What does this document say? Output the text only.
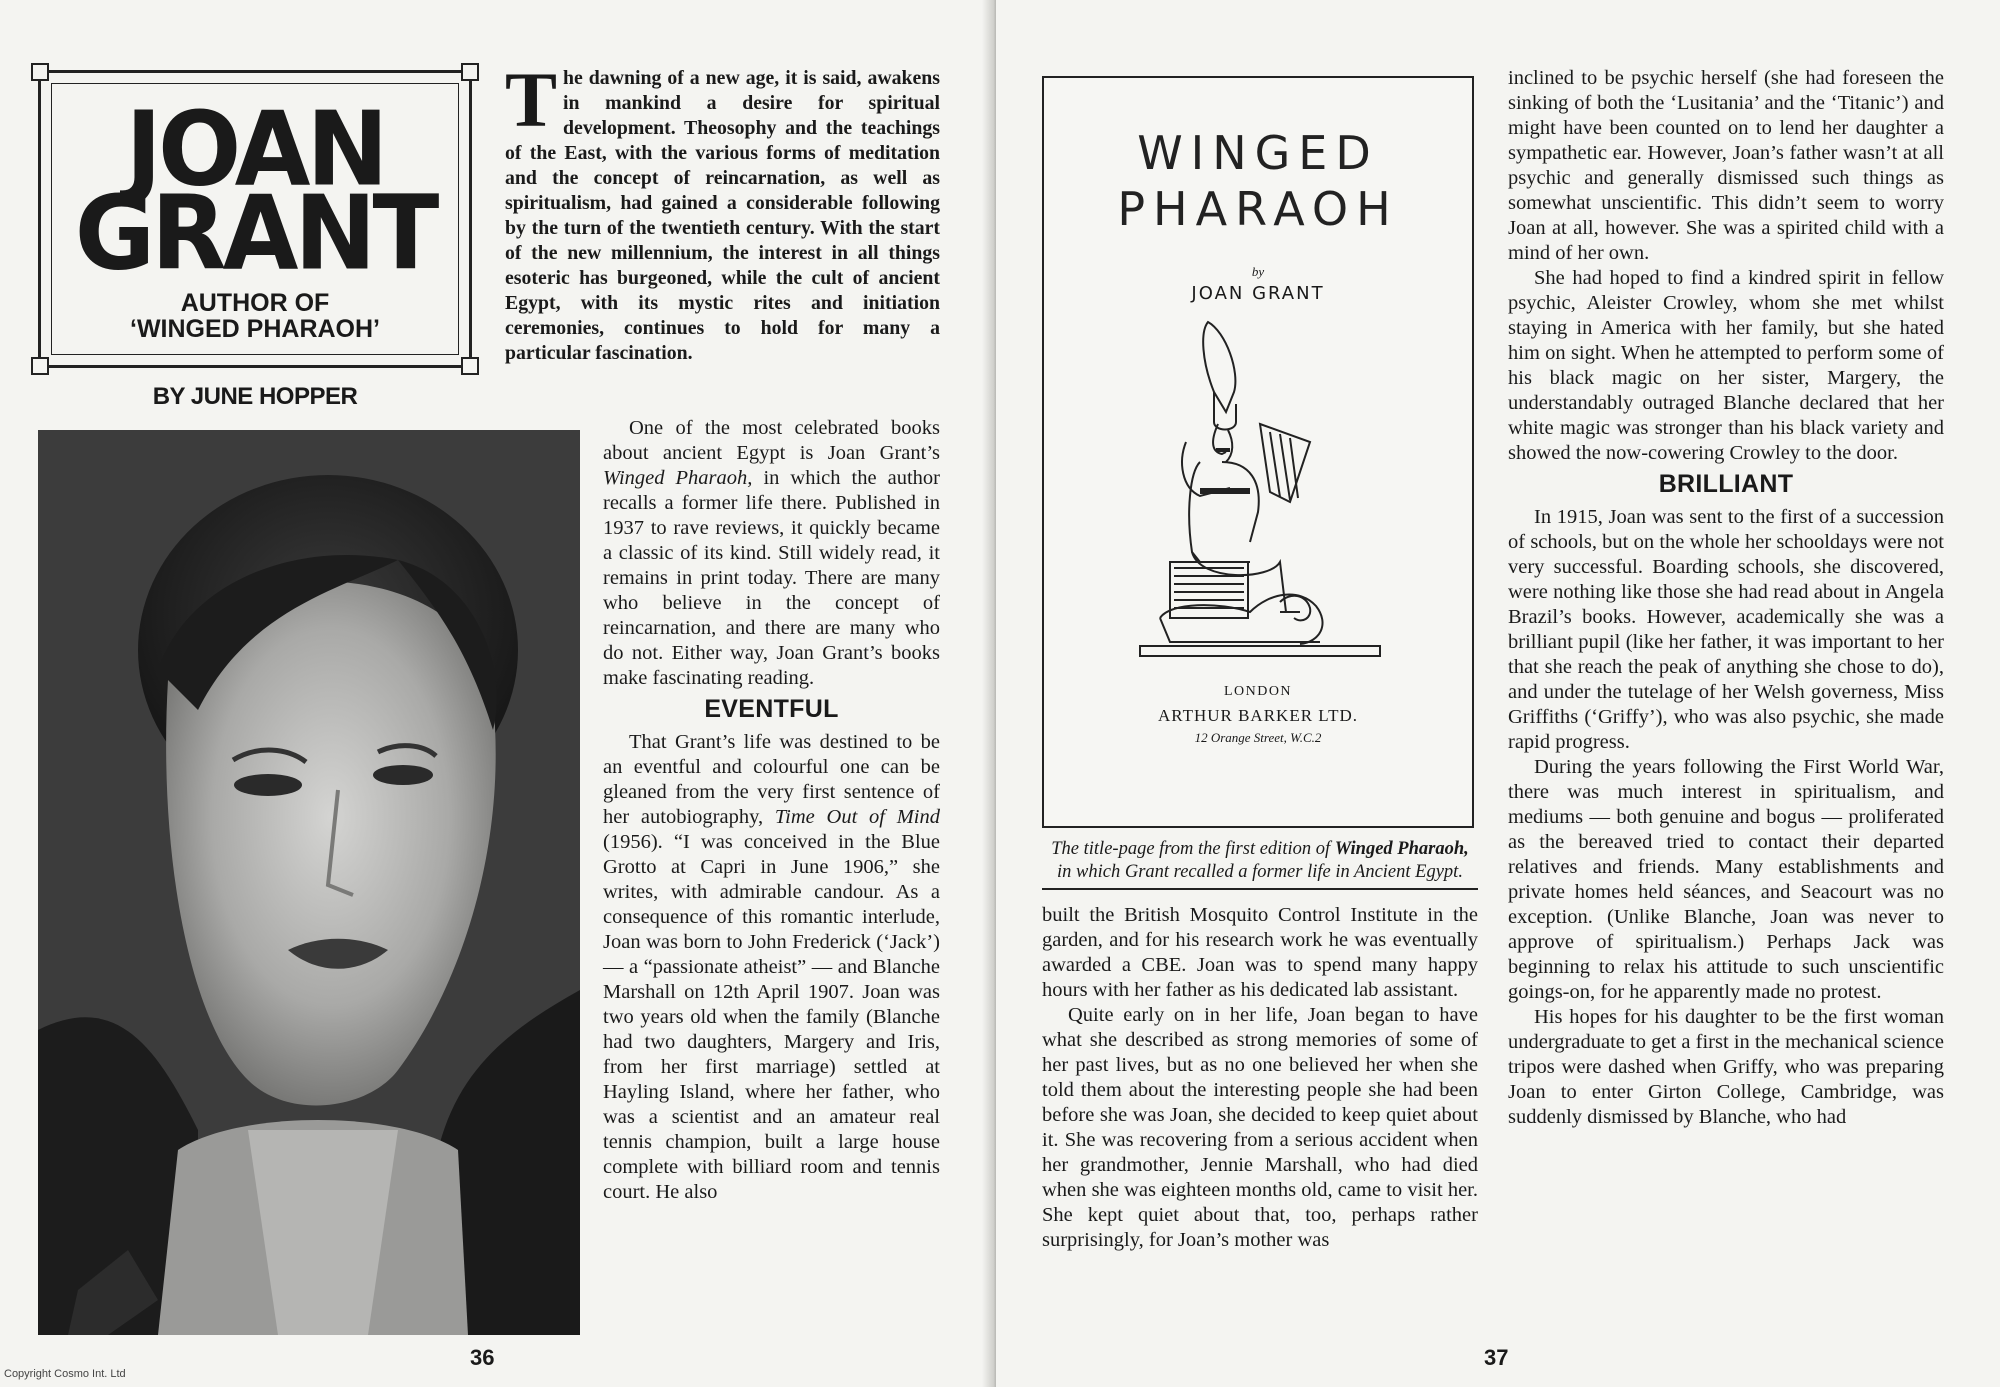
JOAN
GRANT
AUTHOR OF
‘WINGED PHARAOH’
BY JUNE HOPPER
The dawning of a new age, it is said, awakens in mankind a desire for spiritual development. Theosophy and the teachings of the East, with the various forms of meditation and the concept of reincarnation, as well as spiritualism, had gained a considerable following by the turn of the twentieth century. With the start of the new millennium, the interest in all things esoteric has burgeoned, while the cult of ancient Egypt, with its mystic rites and initiation ceremonies, continues to hold for many a particular fascination.

One of the most celebrated books about ancient Egypt is Joan Grant’s Winged Pharaoh, in which the author recalls a former life there. Published in 1937 to rave reviews, it quickly became a classic of its kind. Still widely read, it remains in print today. There are many who believe in the concept of reincarnation, and there are many who do not. Either way, Joan Grant’s books make fascinating reading.

EVENTFUL

That Grant’s life was destined to be an eventful and colourful one can be gleaned from the very first sentence of her autobiography, Time Out of Mind (1956). “I was conceived in the Blue Grotto at Capri in June 1906,” she writes, with admirable candour. As a consequence of this romantic interlude, Joan was born to John Frederick (‘Jack’) — a “passionate atheist” — and Blanche Marshall on 12th April 1907. Joan was two years old when the family (Blanche had two daughters, Margery and Iris, from her first marriage) settled at Hayling Island, where her father, who was a scientist and an amateur real tennis champion, built a large house complete with billiard room and tennis court. He also

36
Copyright Cosmo Int. Ltd
WINGED
PHARAOH
by
JOAN GRANT
LONDON
ARTHUR BARKER LTD.
12 Orange Street, W.C.2
The title-page from the first edition of Winged Pharaoh, in which Grant recalled a former life in Ancient Egypt.

built the British Mosquito Control Institute in the garden, and for his research work he was eventually awarded a CBE. Joan was to spend many happy hours with her father as his dedicated lab assistant.

Quite early on in her life, Joan began to have what she described as strong memories of some of her past lives, but as no one believed her when she told them about the interesting people she had been before she was Joan, she decided to keep quiet about it. She was recovering from a serious accident when her grandmother, Jennie Marshall, who had died when she was eighteen months old, came to visit her. She kept quiet about that, too, perhaps rather surprisingly, for Joan’s mother was

inclined to be psychic herself (she had foreseen the sinking of both the ‘Lusitania’ and the ‘Titanic’) and might have been counted on to lend her daughter a sympathetic ear. However, Joan’s father wasn’t at all psychic and generally dismissed such things as somewhat unscientific. This didn’t seem to worry Joan at all, however. She was a spirited child with a mind of her own.

She had hoped to find a kindred spirit in fellow psychic, Aleister Crowley, whom she met whilst staying in America with her family, but she hated him on sight. When he attempted to perform some of his black magic on her sister, Margery, the understandably outraged Blanche declared that her white magic was stronger than his black variety and showed the now-cowering Crowley to the door.

BRILLIANT

In 1915, Joan was sent to the first of a succession of schools, but on the whole her schooldays were not very successful. Boarding schools, she discovered, were nothing like those she had read about in Angela Brazil’s books. However, academically she was a brilliant pupil (like her father, it was important to her that she reach the peak of anything she chose to do), and under the tutelage of her Welsh governess, Miss Griffiths (‘Griffy’), who was also psychic, she made rapid progress.

During the years following the First World War, there was much interest in spiritualism, and mediums — both genuine and bogus — proliferated as the bereaved tried to contact their departed relatives and friends. Many establishments and private homes held séances, and Seacourt was no exception. (Unlike Blanche, Joan was never to approve of spiritualism.) Perhaps Jack was beginning to relax his attitude to such unscientific goings-on, for he apparently made no protest.

His hopes for his daughter to be the first woman undergraduate to get a first in the mechanical science tripos were dashed when Griffy, who was preparing Joan to enter Girton College, Cambridge, was suddenly dismissed by Blanche, who had

37
